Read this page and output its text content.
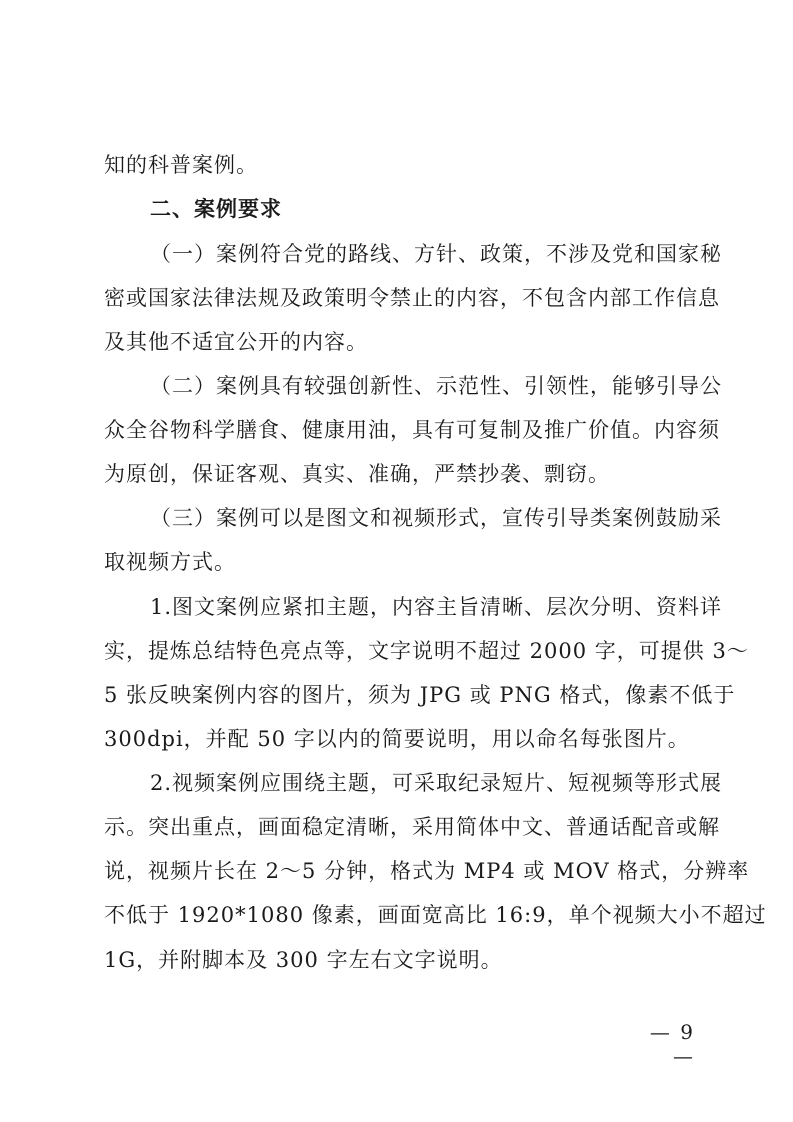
知的科普案例。
二、案例要求
（一）案例符合党的路线、方针、政策，不涉及党和国家秘
密或国家法律法规及政策明令禁止的内容，不包含内部工作信息
及其他不适宜公开的内容。
（二）案例具有较强创新性、示范性、引领性，能够引导公
众全谷物科学膳食、健康用油，具有可复制及推广价值。内容须
为原创，保证客观、真实、准确，严禁抄袭、剽窃。
（三）案例可以是图文和视频形式，宣传引导类案例鼓励采
取视频方式。
1.图文案例应紧扣主题，内容主旨清晰、层次分明、资料详
实，提炼总结特色亮点等，文字说明不超过 2000 字，可提供 3～
5 张反映案例内容的图片，须为 JPG 或 PNG 格式，像素不低于
300dpi，并配 50 字以内的简要说明，用以命名每张图片。
2.视频案例应围绕主题，可采取纪录短片、短视频等形式展
示。突出重点，画面稳定清晰，采用简体中文、普通话配音或解
说，视频片长在 2～5 分钟，格式为 MP4 或 MOV 格式，分辨率
不低于 1920*1080 像素，画面宽高比 16:9，单个视频大小不超过
1G，并附脚本及 300 字左右文字说明。
— 9 —
